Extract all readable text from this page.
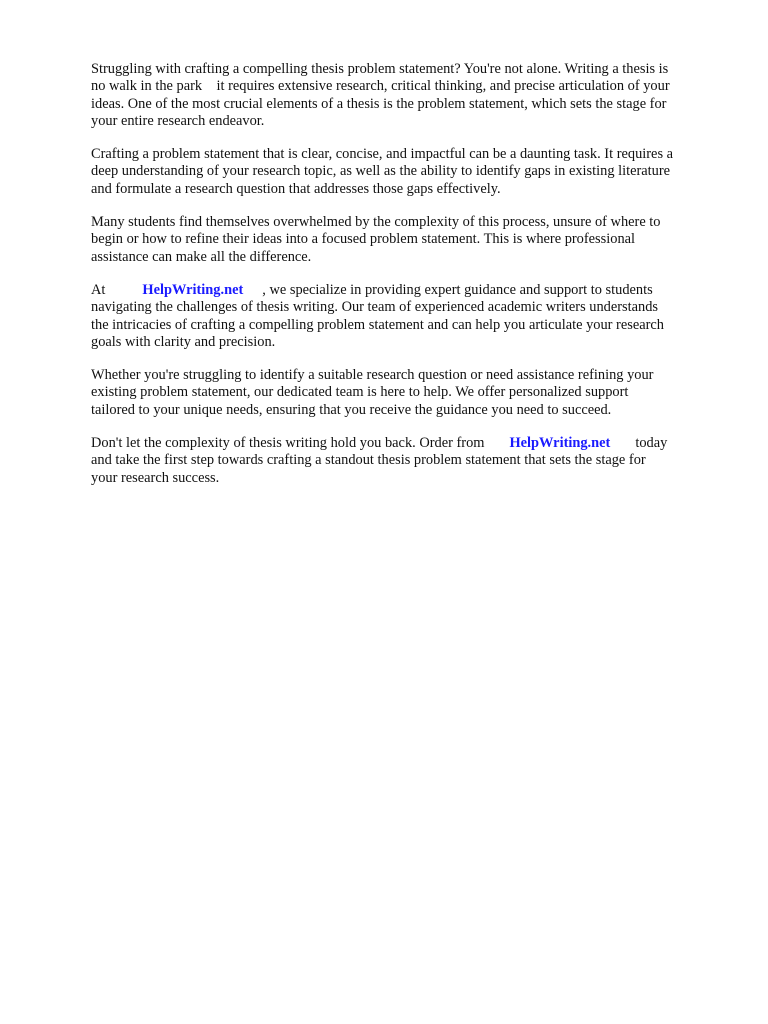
Struggling with crafting a compelling thesis problem statement? You're not alone. Writing a thesis is
no walk in the park    it requires extensive research, critical thinking, and precise articulation of your
ideas. One of the most crucial elements of a thesis is the problem statement, which sets the stage for
your entire research endeavor.

Crafting a problem statement that is clear, concise, and impactful can be a daunting task. It requires a
deep understanding of your research topic, as well as the ability to identify gaps in existing literature
and formulate a research question that addresses those gaps effectively.

Many students find themselves overwhelmed by the complexity of this process, unsure of where to
begin or how to refine their ideas into a focused problem statement. This is where professional
assistance can make all the difference.

At	HelpWriting.net , we specialize in providing expert guidance and support to students
navigating the challenges of thesis writing. Our team of experienced academic writers understands
the intricacies of crafting a compelling problem statement and can help you articulate your research
goals with clarity and precision.

Whether you're struggling to identify a suitable research question or need assistance refining your
existing problem statement, our dedicated team is here to help. We offer personalized support
tailored to your unique needs, ensuring that you receive the guidance you need to succeed.

Don't let the complexity of thesis writing hold you back. Order from HelpWriting.net today
and take the first step towards crafting a standout thesis problem statement that sets the stage for
your research success.
